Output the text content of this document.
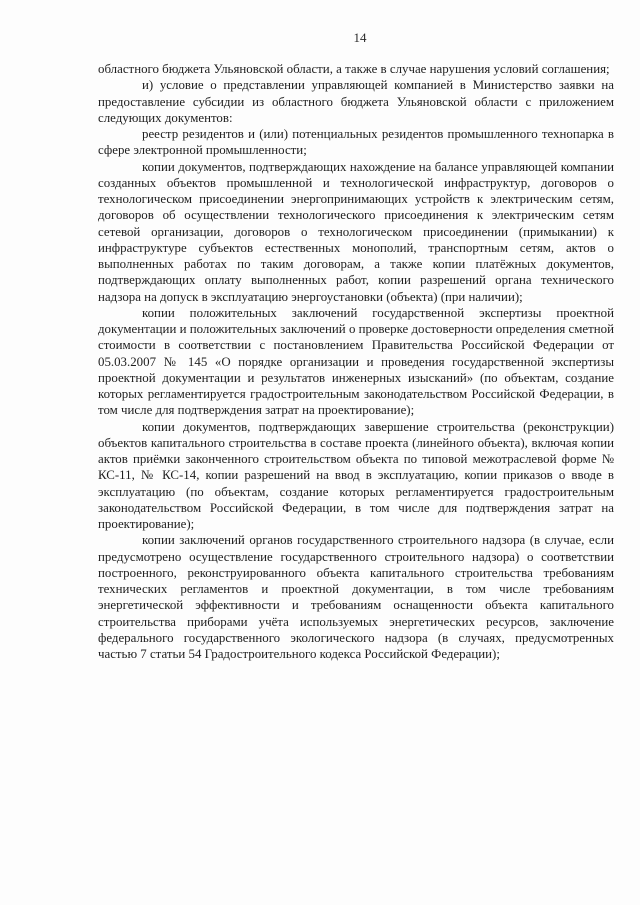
14

областного бюджета Ульяновской области, а также в случае нарушения условий соглашения;

и) условие о представлении управляющей компанией в Министерство заявки на предоставление субсидии из областного бюджета Ульяновской области с приложением следующих документов:

реестр резидентов и (или) потенциальных резидентов промышленного технопарка в сфере электронной промышленности;

копии документов, подтверждающих нахождение на балансе управляющей компании созданных объектов промышленной и технологической инфраструктур, договоров о технологическом присоединении энергопринимающих устройств к электрическим сетям, договоров об осуществлении технологического присоединения к электрическим сетям сетевой организации, договоров о технологическом присоединении (примыкании) к инфраструктуре субъектов естественных монополий, транспортным сетям, актов о выполненных работах по таким договорам, а также копии платёжных документов, подтверждающих оплату выполненных работ, копии разрешений органа технического надзора на допуск в эксплуатацию энергоустановки (объекта) (при наличии);

копии положительных заключений государственной экспертизы проектной документации и положительных заключений о проверке достоверности определения сметной стоимости в соответствии с постановлением Правительства Российской Федерации от 05.03.2007 № 145 «О порядке организации и проведения государственной экспертизы проектной документации и результатов инженерных изысканий» (по объектам, создание которых регламентируется градостроительным законодательством Российской Федерации, в том числе для подтверждения затрат на проектирование);

копии документов, подтверждающих завершение строительства (реконструкции) объектов капитального строительства в составе проекта (линейного объекта), включая копии актов приёмки законченного строительством объекта по типовой межотраслевой форме № КС-11, № КС-14, копии разрешений на ввод в эксплуатацию, копии приказов о вводе в эксплуатацию (по объектам, создание которых регламентируется градостроительным законодательством Российской Федерации, в том числе для подтверждения затрат на проектирование);

копии заключений органов государственного строительного надзора (в случае, если предусмотрено осуществление государственного строительного надзора) о соответствии построенного, реконструированного объекта капитального строительства требованиям технических регламентов и проектной документации, в том числе требованиям энергетической эффективности и требованиям оснащенности объекта капитального строительства приборами учёта используемых энергетических ресурсов, заключение федерального государственного экологического надзора (в случаях, предусмотренных частью 7 статьи 54 Градостроительного кодекса Российской Федерации);
